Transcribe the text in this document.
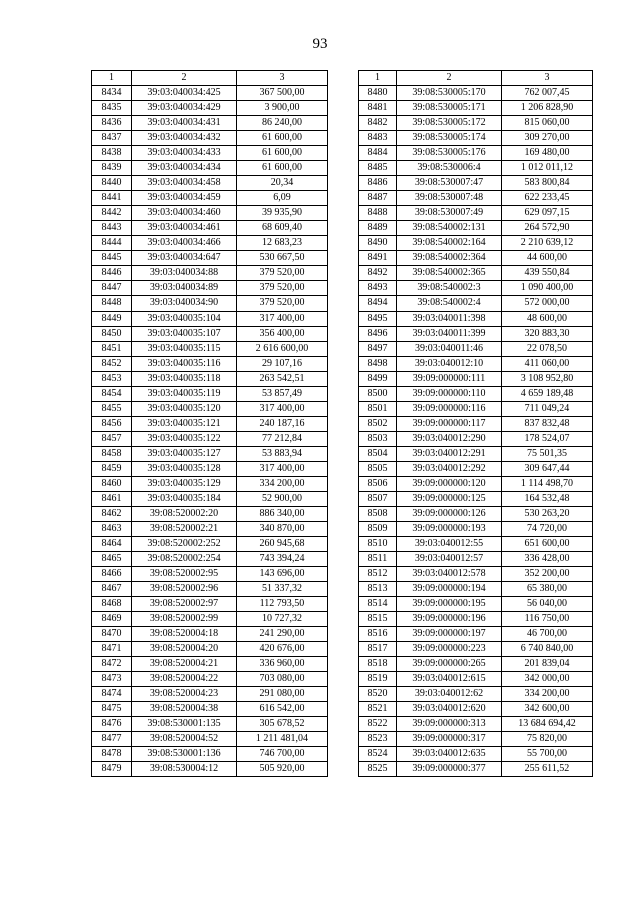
93
1	2	3
8434	39:03:040034:425	367 500,00
8435	39:03:040034:429	3 900,00
8436	39:03:040034:431	86 240,00
8437	39:03:040034:432	61 600,00
8438	39:03:040034:433	61 600,00
8439	39:03:040034:434	61 600,00
8440	39:03:040034:458	20,34
8441	39:03:040034:459	6,09
8442	39:03:040034:460	39 935,90
8443	39:03:040034:461	68 609,40
8444	39:03:040034:466	12 683,23
8445	39:03:040034:647	530 667,50
8446	39:03:040034:88	379 520,00
8447	39:03:040034:89	379 520,00
8448	39:03:040034:90	379 520,00
8449	39:03:040035:104	317 400,00
8450	39:03:040035:107	356 400,00
8451	39:03:040035:115	2 616 600,00
8452	39:03:040035:116	29 107,16
8453	39:03:040035:118	263 542,51
8454	39:03:040035:119	53 857,49
8455	39:03:040035:120	317 400,00
8456	39:03:040035:121	240 187,16
8457	39:03:040035:122	77 212,84
8458	39:03:040035:127	53 883,94
8459	39:03:040035:128	317 400,00
8460	39:03:040035:129	334 200,00
8461	39:03:040035:184	52 900,00
8462	39:08:520002:20	886 340,00
8463	39:08:520002:21	340 870,00
8464	39:08:520002:252	260 945,68
8465	39:08:520002:254	743 394,24
8466	39:08:520002:95	143 696,00
8467	39:08:520002:96	51 337,32
8468	39:08:520002:97	112 793,50
8469	39:08:520002:99	10 727,32
8470	39:08:520004:18	241 290,00
8471	39:08:520004:20	420 676,00
8472	39:08:520004:21	336 960,00
8473	39:08:520004:22	703 080,00
8474	39:08:520004:23	291 080,00
8475	39:08:520004:38	616 542,00
8476	39:08:530001:135	305 678,52
8477	39:08:520004:52	1 211 481,04
8478	39:08:530001:136	746 700,00
8479	39:08:530004:12	505 920,00
1	2	3
8480	39:08:530005:170	762 007,45
8481	39:08:530005:171	1 206 828,90
8482	39:08:530005:172	815 060,00
8483	39:08:530005:174	309 270,00
8484	39:08:530005:176	169 480,00
8485	39:08:530006:4	1 012 011,12
8486	39:08:530007:47	583 800,84
8487	39:08:530007:48	622 233,45
8488	39:08:530007:49	629 097,15
8489	39:08:540002:131	264 572,90
8490	39:08:540002:164	2 210 639,12
8491	39:08:540002:364	44 600,00
8492	39:08:540002:365	439 550,84
8493	39:08:540002:3	1 090 400,00
8494	39:08:540002:4	572 000,00
8495	39:03:040011:398	48 600,00
8496	39:03:040011:399	320 883,30
8497	39:03:040011:46	22 078,50
8498	39:03:040012:10	411 060,00
8499	39:09:000000:111	3 108 952,80
8500	39:09:000000:110	4 659 189,48
8501	39:09:000000:116	711 049,24
8502	39:09:000000:117	837 832,48
8503	39:03:040012:290	178 524,07
8504	39:03:040012:291	75 501,35
8505	39:03:040012:292	309 647,44
8506	39:09:000000:120	1 114 498,70
8507	39:09:000000:125	164 532,48
8508	39:09:000000:126	530 263,20
8509	39:09:000000:193	74 720,00
8510	39:03:040012:55	651 600,00
8511	39:03:040012:57	336 428,00
8512	39:03:040012:578	352 200,00
8513	39:09:000000:194	65 380,00
8514	39:09:000000:195	56 040,00
8515	39:09:000000:196	116 750,00
8516	39:09:000000:197	46 700,00
8517	39:09:000000:223	6 740 840,00
8518	39:09:000000:265	201 839,04
8519	39:03:040012:615	342 000,00
8520	39:03:040012:62	334 200,00
8521	39:03:040012:620	342 600,00
8522	39:09:000000:313	13 684 694,42
8523	39:09:000000:317	75 820,00
8524	39:03:040012:635	55 700,00
8525	39:09:000000:377	255 611,52
